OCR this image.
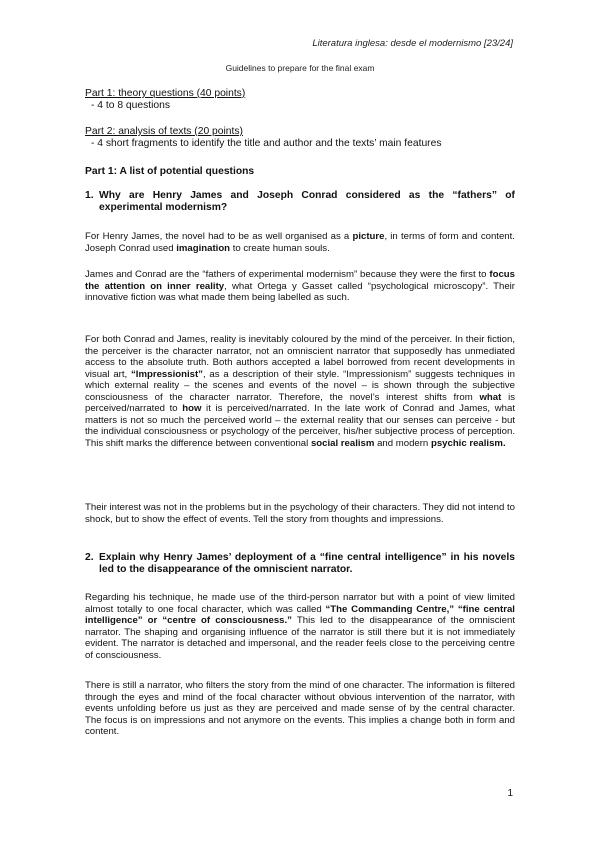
Literatura inglesa: desde el modernismo [23/24]
Guidelines to prepare for the final exam
Part 1: theory questions (40 points)
- 4 to 8 questions
Part 2: analysis of texts (20 points)
- 4 short fragments to identify the title and author and the texts’ main features
Part 1: A list of potential questions
1. Why are Henry James and Joseph Conrad considered as the “fathers” of experimental modernism?
For Henry James, the novel had to be as well organised as a picture, in terms of form and content. Joseph Conrad used imagination to create human souls.
James and Conrad are the “fathers of experimental modernism” because they were the first to focus the attention on inner reality, what Ortega y Gasset called “psychological microscopy”. Their innovative fiction was what made them being labelled as such.
For both Conrad and James, reality is inevitably coloured by the mind of the perceiver. In their fiction, the perceiver is the character narrator, not an omniscient narrator that supposedly has unmediated access to the absolute truth. Both authors accepted a label borrowed from recent developments in visual art, “Impressionist”, as a description of their style. “Impressionism” suggests techniques in which external reality – the scenes and events of the novel – is shown through the subjective consciousness of the character narrator. Therefore, the novel’s interest shifts from what is perceived/narrated to how it is perceived/narrated. In the late work of Conrad and James, what matters is not so much the perceived world – the external reality that our senses can perceive - but the individual consciousness or psychology of the perceiver, his/her subjective process of perception. This shift marks the difference between conventional social realism and modern psychic realism.
Their interest was not in the problems but in the psychology of their characters. They did not intend to shock, but to show the effect of events. Tell the story from thoughts and impressions.
2. Explain why Henry James’ deployment of a “fine central intelligence” in his novels led to the disappearance of the omniscient narrator.
Regarding his technique, he made use of the third-person narrator but with a point of view limited almost totally to one focal character, which was called “The Commanding Centre,” “fine central intelligence” or “centre of consciousness.” This led to the disappearance of the omniscient narrator. The shaping and organising influence of the narrator is still there but it is not immediately evident. The narrator is detached and impersonal, and the reader feels close to the perceiving centre of consciousness.
There is still a narrator, who filters the story from the mind of one character. The information is filtered through the eyes and mind of the focal character without obvious intervention of the narrator, with events unfolding before us just as they are perceived and made sense of by the central character. The focus is on impressions and not anymore on the events. This implies a change both in form and content.
1
